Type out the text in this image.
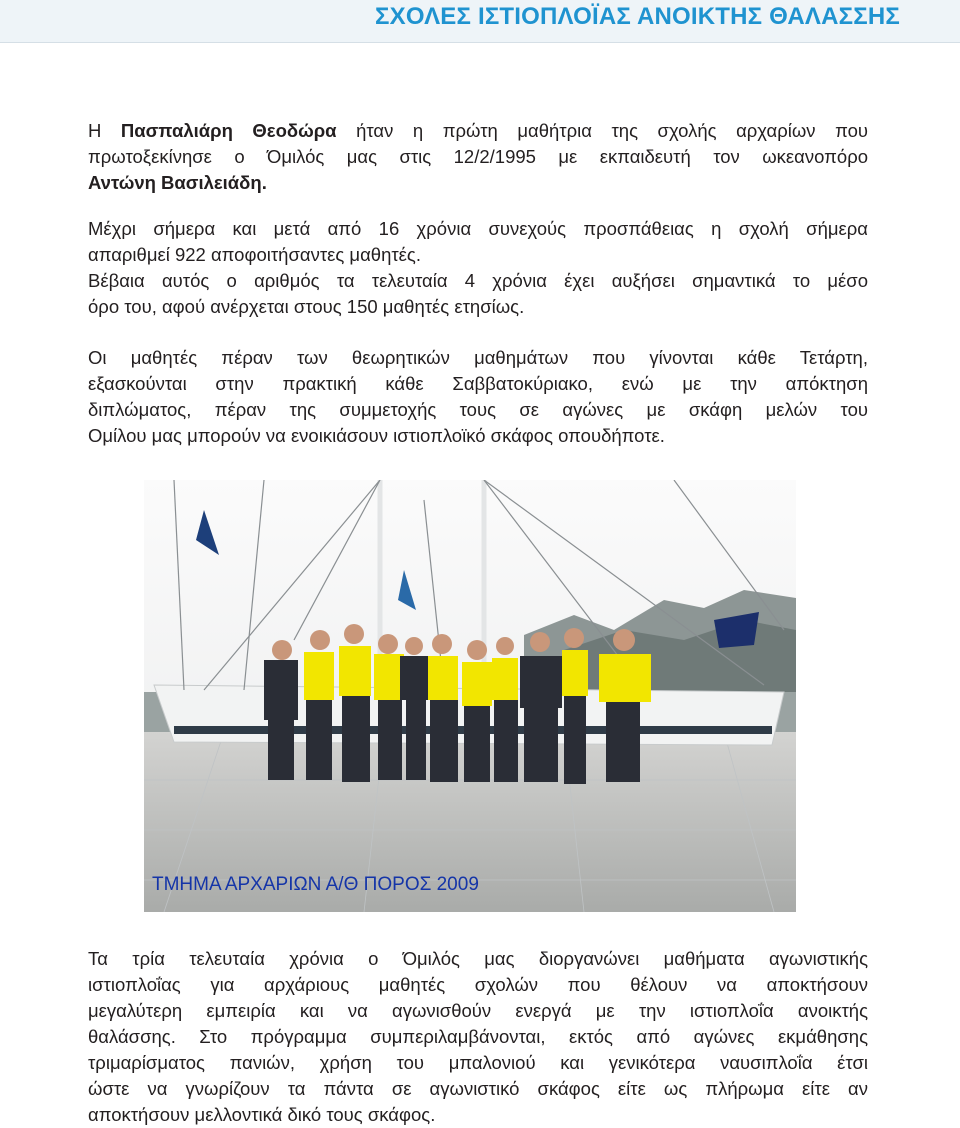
ΣΧΟΛΕΣ ΙΣΤΙΟΠΛΟΪΑΣ ΑΝΟΙΚΤΗΣ ΘΑΛΑΣΣΗΣ
Η Πασπαλιάρη Θεοδώρα ήταν η πρώτη μαθήτρια της σχολής αρχαρίων που
πρωτοξεκίνησε ο Όμιλός μας στις 12/2/1995 με εκπαιδευτή τον ωκεανοπόρο
Αντώνη Βασιλειάδη.
Μέχρι σήμερα και μετά από 16 χρόνια συνεχούς προσπάθειας η σχολή σήμερα
απαριθμεί 922 αποφοιτήσαντες μαθητές.
Βέβαια αυτός ο αριθμός τα τελευταία 4 χρόνια έχει αυξήσει σημαντικά το μέσο
όρο του, αφού ανέρχεται στους 150 μαθητές ετησίως.
Οι μαθητές πέραν των θεωρητικών μαθημάτων που γίνονται κάθε Τετάρτη,
εξασκούνται στην πρακτική κάθε Σαββατοκύριακο, ενώ με την απόκτηση
διπλώματος, πέραν της συμμετοχής τους σε αγώνες με σκάφη μελών του
Ομίλου μας μπορούν να ενοικιάσουν ιστιοπλοϊκό σκάφος οπουδήποτε.
ΤΜΗΜΑ ΑΡΧΑΡΙΩΝ Α/Θ ΠΟΡΟΣ 2009
Τα τρία τελευταία χρόνια ο Όμιλός μας διοργανώνει μαθήματα αγωνιστικής
ιστιοπλοΐας για αρχάριους μαθητές σχολών που θέλουν να αποκτήσουν
μεγαλύτερη εμπειρία και να αγωνισθούν ενεργά με την ιστιοπλοΐα ανοικτής
θαλάσσης. Στο πρόγραμμα συμπεριλαμβάνονται, εκτός από αγώνες εκμάθησης
τριμαρίσματος πανιών, χρήση του μπαλονιού και γενικότερα ναυσιπλοΐα έτσι
ώστε να γνωρίζουν τα πάντα σε αγωνιστικό σκάφος είτε ως πλήρωμα είτε αν
αποκτήσουν μελλοντικά δικό τους σκάφος.
